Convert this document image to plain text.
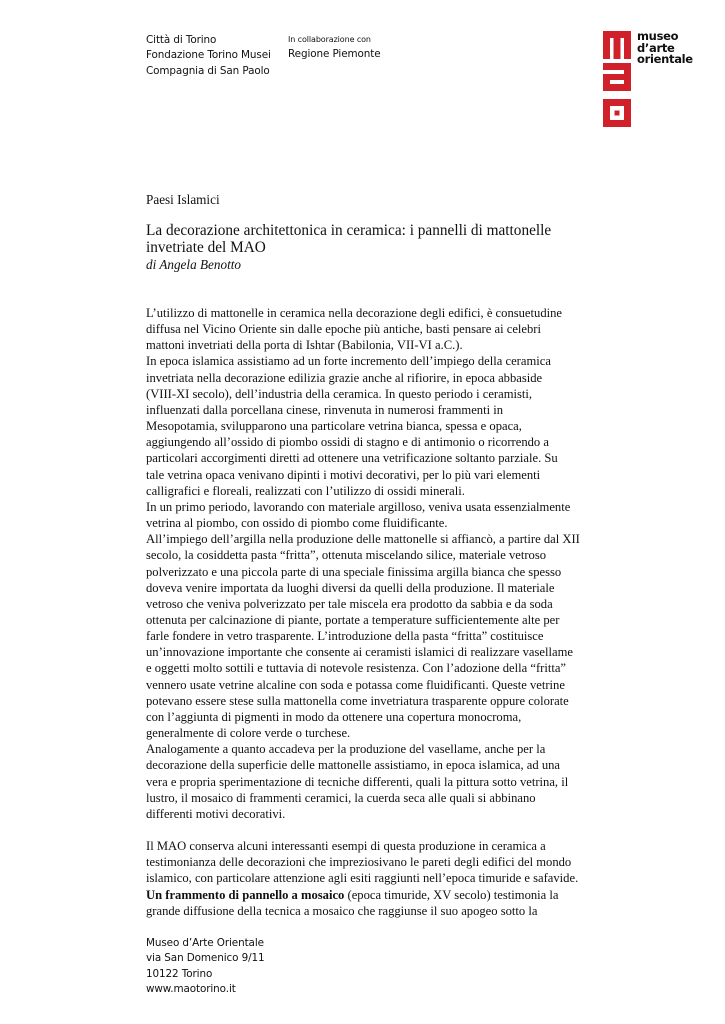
Città di Torino
Fondazione Torino Musei
Compagnia di San Paolo
In collaborazione con
Regione Piemonte
museo
d’arte
orientale
Paesi Islamici
La decorazione architettonica in ceramica: i pannelli di mattonelle
invetriate del MAO
di Angela Benotto

L’utilizzo di mattonelle in ceramica nella decorazione degli edifici, è consuetudine

diffusa nel Vicino Oriente sin dalle epoche più antiche, basti pensare ai celebri

mattoni invetriati della porta di Ishtar (Babilonia, VII-VI a.C.).

In epoca islamica assistiamo ad un forte incremento dell’impiego della ceramica

invetriata nella decorazione edilizia grazie anche al rifiorire, in epoca abbaside

(VIII-XI secolo), dell’industria della ceramica. In questo periodo i ceramisti,

influenzati dalla porcellana cinese, rinvenuta in numerosi frammenti in

Mesopotamia, svilupparono una particolare vetrina bianca, spessa e opaca,

aggiungendo all’ossido di piombo ossidi di stagno e di antimonio o ricorrendo a

particolari accorgimenti diretti ad ottenere una vetrificazione soltanto parziale. Su

tale vetrina opaca venivano dipinti i motivi decorativi, per lo più vari elementi

calligrafici e floreali, realizzati con l’utilizzo di ossidi minerali.

In un primo periodo, lavorando con materiale argilloso, veniva usata essenzialmente

vetrina al piombo, con ossido di piombo come fluidificante.

All’impiego dell’argilla nella produzione delle mattonelle si affiancò, a partire dal XII

secolo, la cosiddetta pasta “fritta”, ottenuta miscelando silice, materiale vetroso

polverizzato e una piccola parte di una speciale finissima argilla bianca che spesso

doveva venire importata da luoghi diversi da quelli della produzione. Il materiale

vetroso che veniva polverizzato per tale miscela era prodotto da sabbia e da soda

ottenuta per calcinazione di piante, portate a temperature sufficientemente alte per

farle fondere in vetro trasparente. L’introduzione della pasta “fritta” costituisce

un’innovazione importante che consente ai ceramisti islamici di realizzare vasellame

e oggetti molto sottili e tuttavia di notevole resistenza. Con l’adozione della “fritta”

vennero usate vetrine alcaline con soda e potassa come fluidificanti. Queste vetrine

potevano essere stese sulla mattonella come invetriatura trasparente oppure colorate

con l’aggiunta di pigmenti in modo da ottenere una copertura monocroma,

generalmente di colore verde o turchese.

Analogamente a quanto accadeva per la produzione del vasellame, anche per la

decorazione della superficie delle mattonelle assistiamo, in epoca islamica, ad una

vera e propria sperimentazione di tecniche differenti, quali la pittura sotto vetrina, il

lustro, il mosaico di frammenti ceramici, la cuerda seca alle quali si abbinano

differenti motivi decorativi.

Il MAO conserva alcuni interessanti esempi di questa produzione in ceramica a

testimonianza delle decorazioni che impreziosivano le pareti degli edifici del mondo

islamico, con particolare attenzione agli esiti raggiunti nell’epoca timuride e safavide.

Un frammento di pannello a mosaico (epoca timuride, XV secolo) testimonia la

grande diffusione della tecnica a mosaico che raggiunse il suo apogeo sotto la

Museo d’Arte Orientale
via San Domenico 9/11
10122 Torino
www.maotorino.it
